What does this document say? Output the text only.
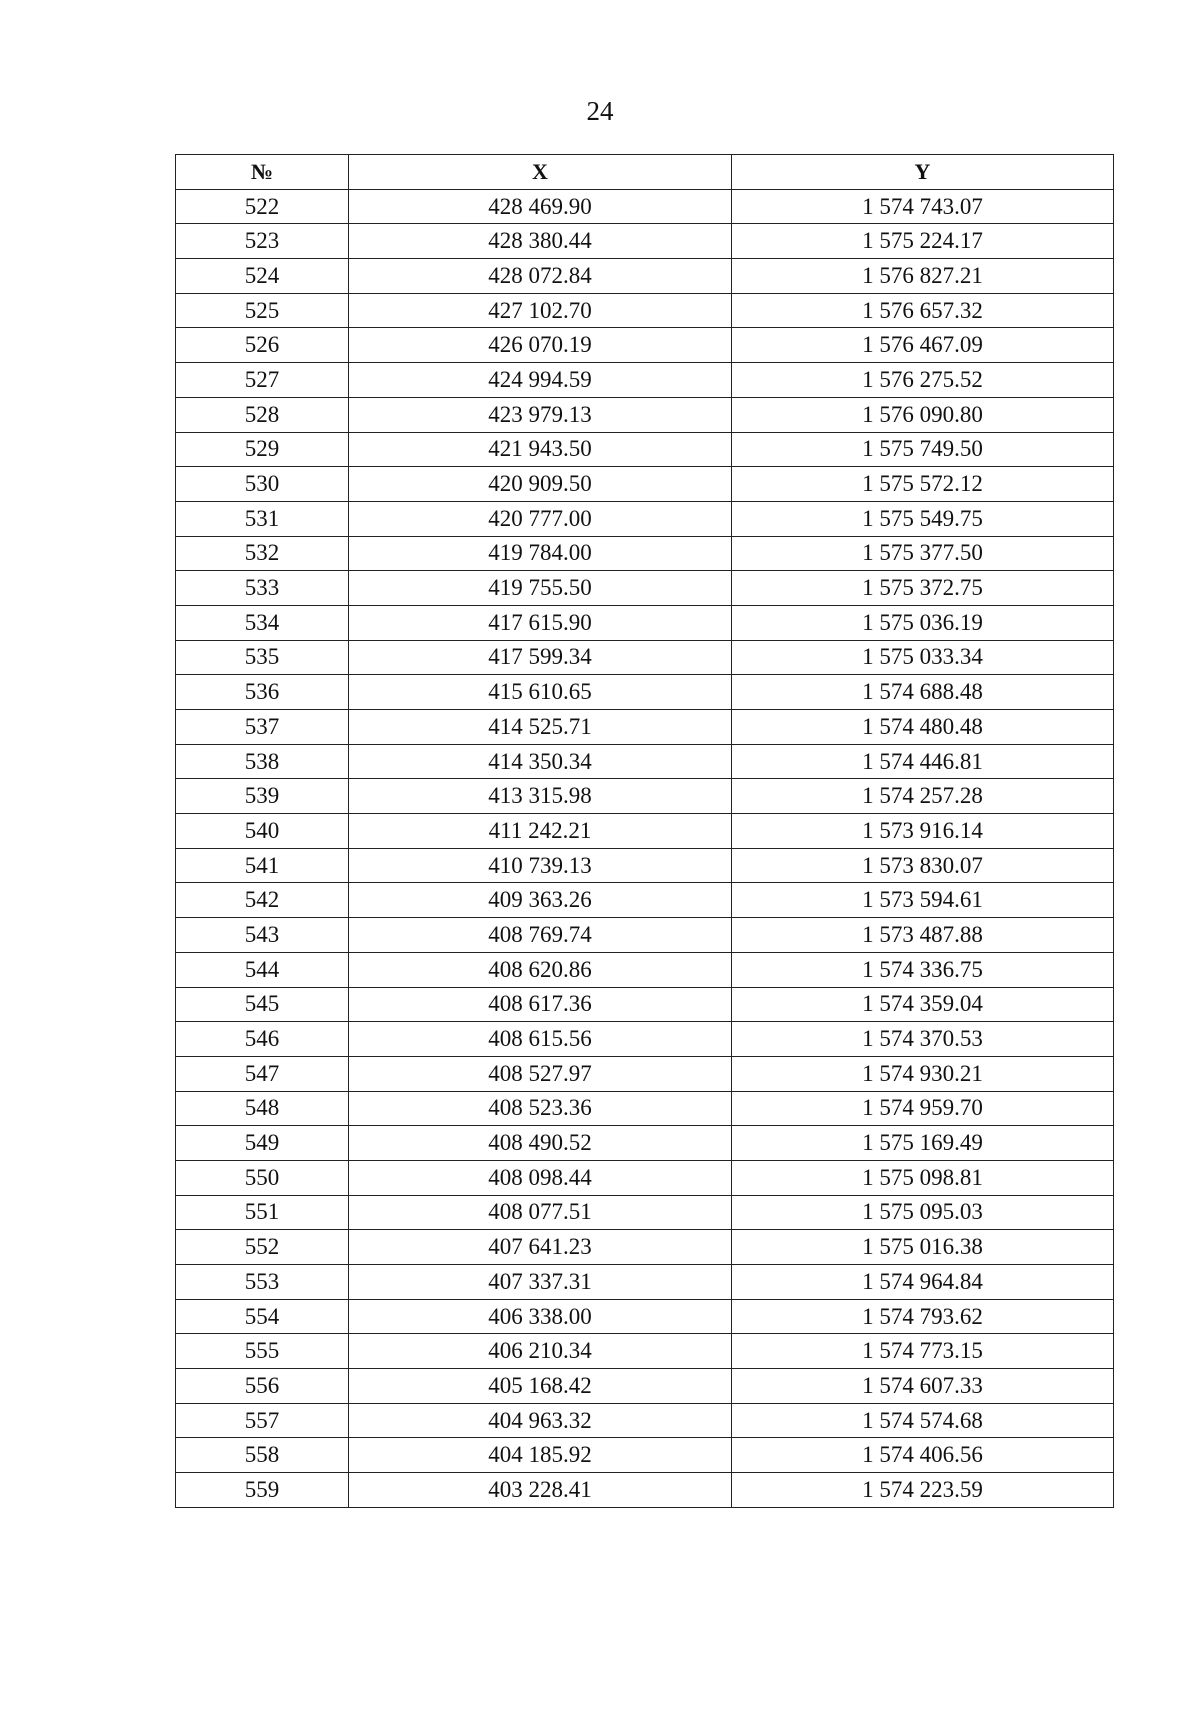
24
№	X	Y
522	428 469.90	1 574 743.07
523	428 380.44	1 575 224.17
524	428 072.84	1 576 827.21
525	427 102.70	1 576 657.32
526	426 070.19	1 576 467.09
527	424 994.59	1 576 275.52
528	423 979.13	1 576 090.80
529	421 943.50	1 575 749.50
530	420 909.50	1 575 572.12
531	420 777.00	1 575 549.75
532	419 784.00	1 575 377.50
533	419 755.50	1 575 372.75
534	417 615.90	1 575 036.19
535	417 599.34	1 575 033.34
536	415 610.65	1 574 688.48
537	414 525.71	1 574 480.48
538	414 350.34	1 574 446.81
539	413 315.98	1 574 257.28
540	411 242.21	1 573 916.14
541	410 739.13	1 573 830.07
542	409 363.26	1 573 594.61
543	408 769.74	1 573 487.88
544	408 620.86	1 574 336.75
545	408 617.36	1 574 359.04
546	408 615.56	1 574 370.53
547	408 527.97	1 574 930.21
548	408 523.36	1 574 959.70
549	408 490.52	1 575 169.49
550	408 098.44	1 575 098.81
551	408 077.51	1 575 095.03
552	407 641.23	1 575 016.38
553	407 337.31	1 574 964.84
554	406 338.00	1 574 793.62
555	406 210.34	1 574 773.15
556	405 168.42	1 574 607.33
557	404 963.32	1 574 574.68
558	404 185.92	1 574 406.56
559	403 228.41	1 574 223.59
